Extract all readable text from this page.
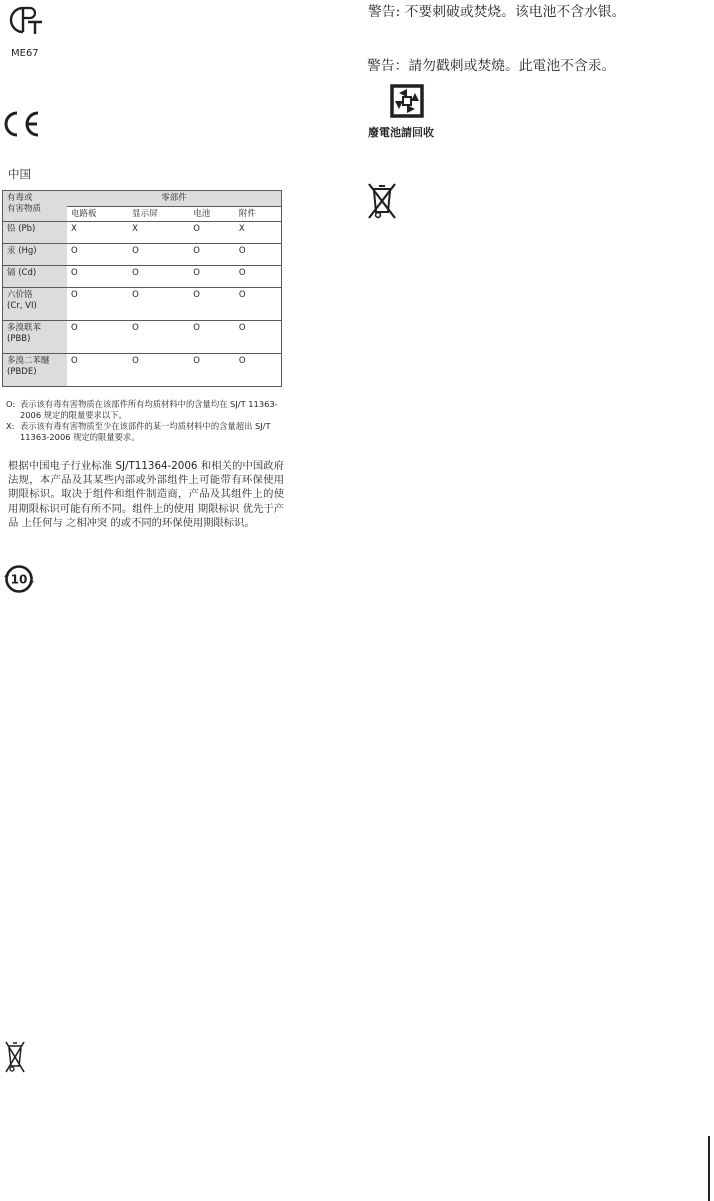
ME67
中国
有毒或
有害物质	零部件			
	电路板	显示屏	电池	附件
铅 (Pb)	X	X	O	X
汞 (Hg)	O	O	O	O
镉 (Cd)	O	O	O	O
六价铬
(Cr, VI)	O	O	O	O
多溴联苯
(PBB)	O	O	O	O
多溴二苯醚
(PBDE)	O	O	O	O
O: 表示该有毒有害物质在该部件所有均质材料中的含量均在 SJ/T 11363-2006 规定的限量要求以下。
X: 表示该有毒有害物质至少在该部件的某一均质材料中的含量超出 SJ/T 11363-2006 规定的限量要求。
根据中国电子行业标准 SJ/T11364-2006 和相关的中国政府法规，本产品及其某些内部或外部组件上可能带有环保使用期限标识。取决于组件和组件制造商，产品及其组件上的使用期限标识可能有所不同。组件上的使用 期限标识 优先于产品 上任何与 之相冲突 的或不同的环保使用期限标识。
10
警告: 不要刺破或焚烧。该电池不含水银。
警告：請勿戳刺或焚燒。此電池不含汞。
廢電池請回收
